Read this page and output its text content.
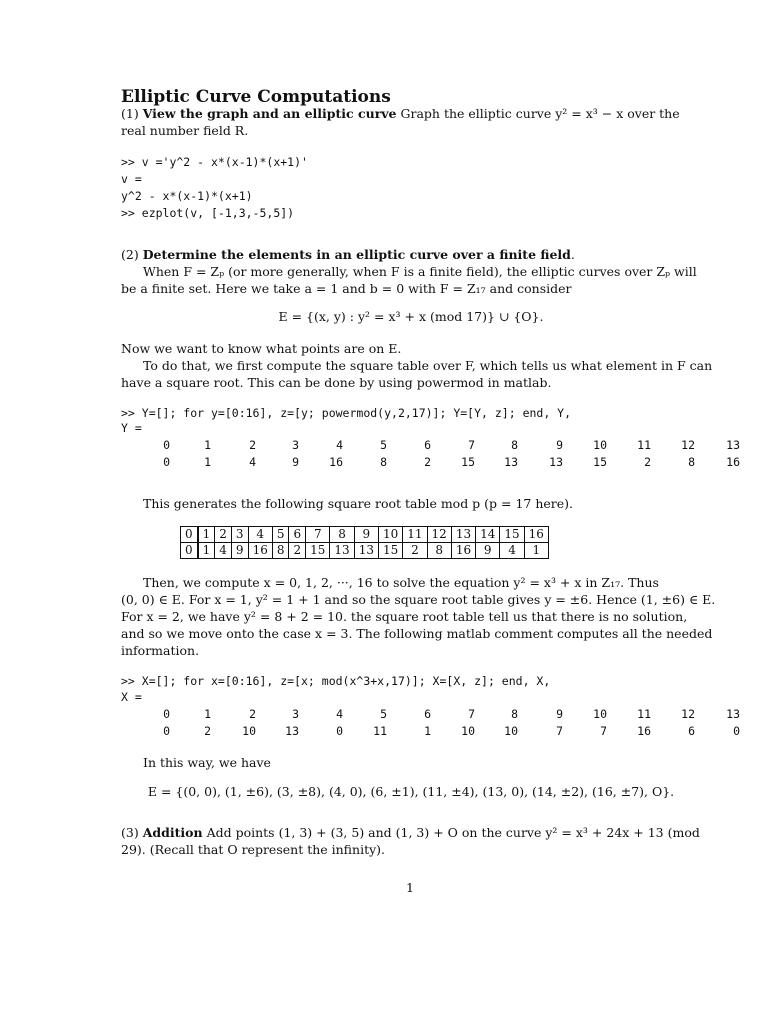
Elliptic Curve Computations
(1) View the graph and an elliptic curve Graph the elliptic curve y² = x³ − x over the
real number field R.
>> v ='y^2 - x*(x-1)*(x+1)'
v =
y^2 - x*(x-1)*(x+1)
>> ezplot(v, [-1,3,-5,5])
(2) Determine the elements in an elliptic curve over a finite field.
When F = Zₚ (or more generally, when F is a finite field), the elliptic curves over Zₚ will
be a finite set. Here we take a = 1 and b = 0 with F = Z₁₇ and consider
E = {(x, y) : y² = x³ + x (mod 17)} ∪ {O}.
Now we want to know what points are on E.
To do that, we first compute the square table over F, which tells us what element in F can
have a square root. This can be done by using powermod in matlab.
>> Y=[]; for y=[0:16], z=[y; powermod(y,2,17)]; Y=[Y, z]; end, Y,
Y =
0	1	2	3	4	5	6	7	8	9	10	11	12	13
0	1	4	9	16	8	2	15	13	13	15	2	8	16
This generates the following square root table mod p (p = 17 here).
0	1	2	3	4	5	6	7	8	9	10	11	12	13	14	15	16
0	1	4	9	16	8	2	15	13	13	15	2	8	16	9	4	1
Then, we compute x = 0, 1, 2, ···, 16 to solve the equation y² = x³ + x in Z₁₇. Thus
(0, 0) ∈ E. For x = 1, y² = 1 + 1 and so the square root table gives y = ±6. Hence (1, ±6) ∈ E.
For x = 2, we have y² = 8 + 2 = 10. the square root table tell us that there is no solution,
and so we move onto the case x = 3. The following matlab comment computes all the needed
information.
>> X=[]; for x=[0:16], z=[x; mod(x^3+x,17)]; X=[X, z]; end, X,
X =
0	1	2	3	4	5	6	7	8	9	10	11	12	13
0	2	10	13	0	11	1	10	10	7	7	16	6	0
In this way, we have
E = {(0, 0), (1, ±6), (3, ±8), (4, 0), (6, ±1), (11, ±4), (13, 0), (14, ±2), (16, ±7), O}.
(3) Addition Add points (1, 3) + (3, 5) and (1, 3) + O on the curve y² = x³ + 24x + 13 (mod
29). (Recall that O represent the infinity).
1
